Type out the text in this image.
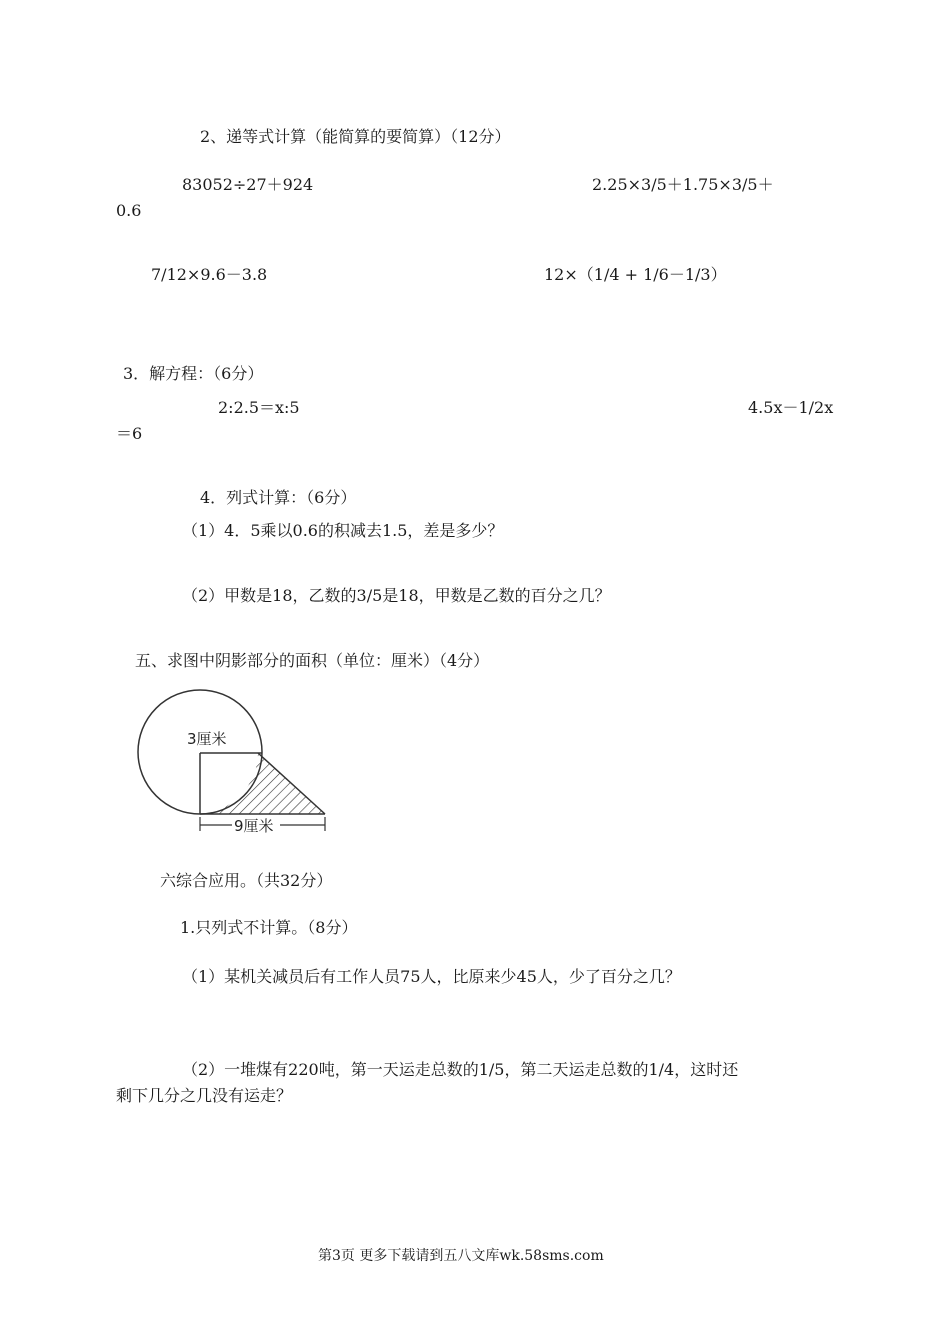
2、递等式计算（能简算的要简算）（12分）
83052÷27＋924	2.25×3/5＋1.75×3/5＋
0.6
7/12×9.6－3.8	12×（1/4 + 1/6－1/3）
3．解方程：（6分）
2:2.5＝x:5	4.5x－1/2x
＝6
4．列式计算：（6分）
（1）4．5乘以0.6的积减去1.5，差是多少？
（2）甲数是18，乙数的3/5是18，甲数是乙数的百分之几？
五、求图中阴影部分的面积（单位：厘米）（4分）
3厘米
9厘米
六综合应用。（共32分）
1.只列式不计算。（8分）
（1）某机关减员后有工作人员75人，比原来少45人，少了百分之几？
（2）一堆煤有220吨，第一天运走总数的1/5，第二天运走总数的1/4，这时还
剩下几分之几没有运走？
第3页 更多下载请到五八文库wk.58sms.com
